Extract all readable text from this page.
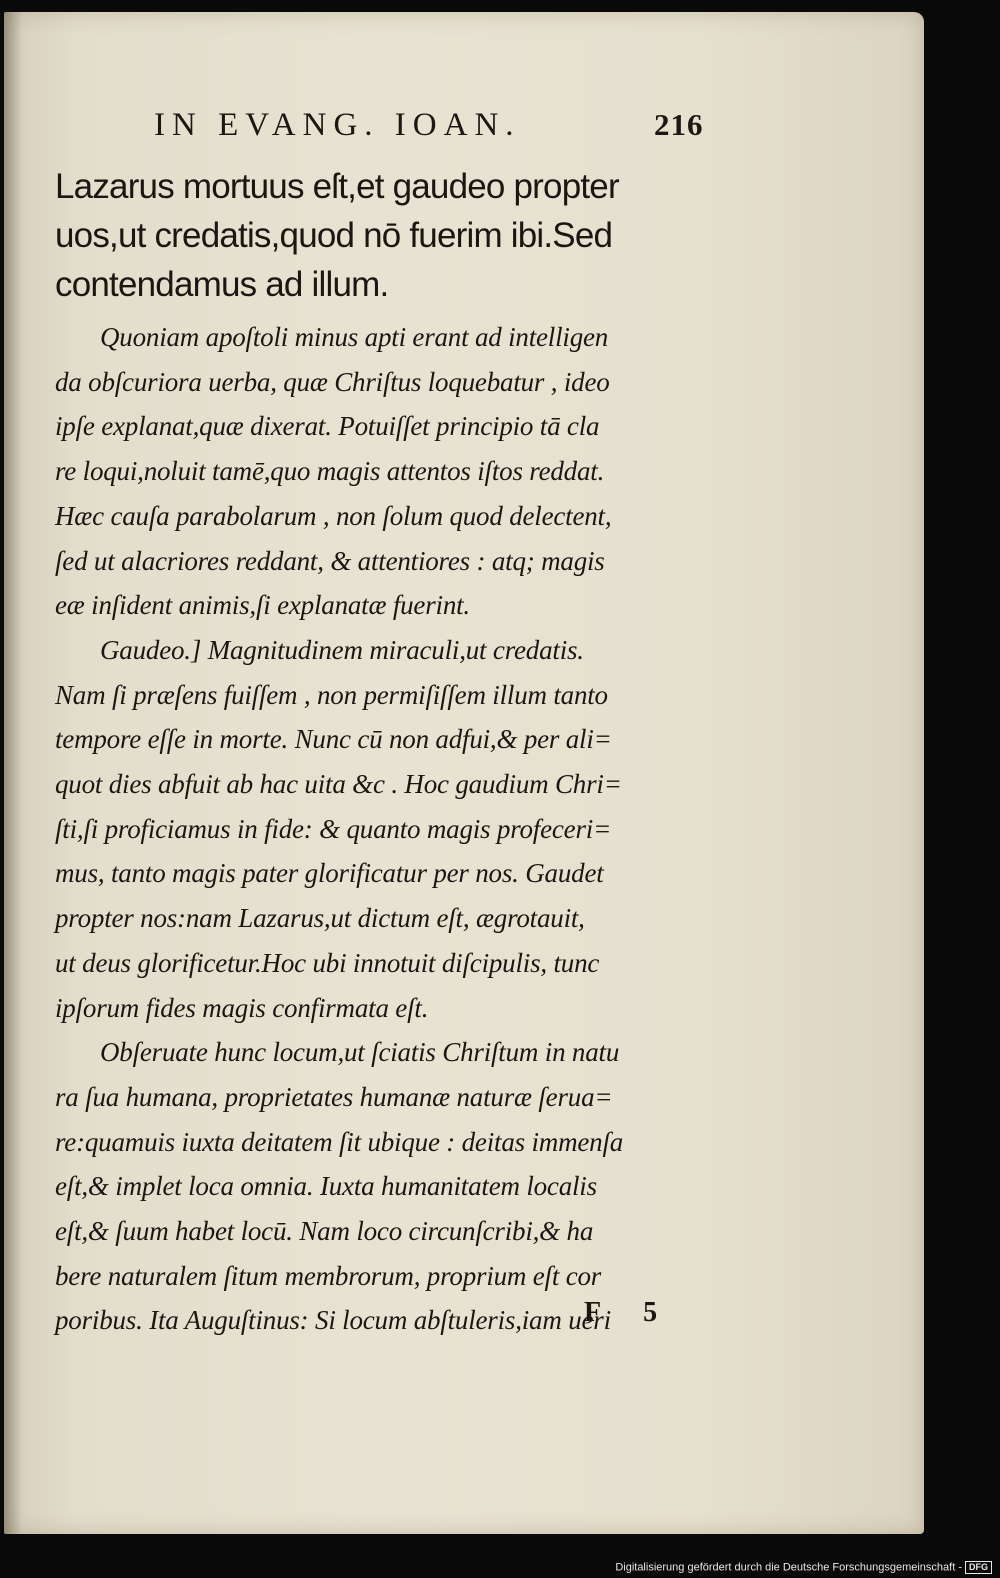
IN EVANG. IOAN.	216
Lazarus mortuus eſt,et gaudeo propter
uos,ut credatis,quod nō fuerim ibi.Sed
contendamus ad illum.
Quoniam apoſtoli minus apti erant ad intelligen
da obſcuriora uerba, quæ Chriſtus loquebatur , ideo
ipſe explanat,quæ dixerat. Potuiſſet principio tā cla
re loqui,noluit tamē,quo magis attentos iſtos reddat.
Hæc cauſa parabolarum , non ſolum quod delectent,
ſed ut alacriores reddant, & attentiores : atq; magis
eæ inſident animis,ſi explanatæ fuerint.
Gaudeo.] Magnitudinem miraculi,ut credatis.
Nam ſi præſens fuiſſem , non permiſiſſem illum tanto
tempore eſſe in morte. Nunc cū non adfui,& per ali=
quot dies abfuit ab hac uita &c . Hoc gaudium Chri=
ſti,ſi proficiamus in fide: & quanto magis profeceri=
mus, tanto magis pater glorificatur per nos. Gaudet
propter nos:nam Lazarus,ut dictum eſt, ægrotauit,
ut deus glorificetur.Hoc ubi innotuit diſcipulis, tunc
ipſorum fides magis confirmata eſt.
Obſeruate hunc locum,ut ſciatis Chriſtum in natu
ra ſua humana, proprietates humanæ naturæ ſerua=
re:quamuis iuxta deitatem ſit ubique : deitas immenſa
eſt,& implet loca omnia. Iuxta humanitatem localis
eſt,& ſuum habet locū. Nam loco circunſcribi,& ha
bere naturalem ſitum membrorum, proprium eſt cor
poribus. Ita Auguſtinus: Si locum abſtuleris,iam ueri
F 5
Digitalisierung gefördert durch die Deutsche Forschungsgemeinschaft - DFG
